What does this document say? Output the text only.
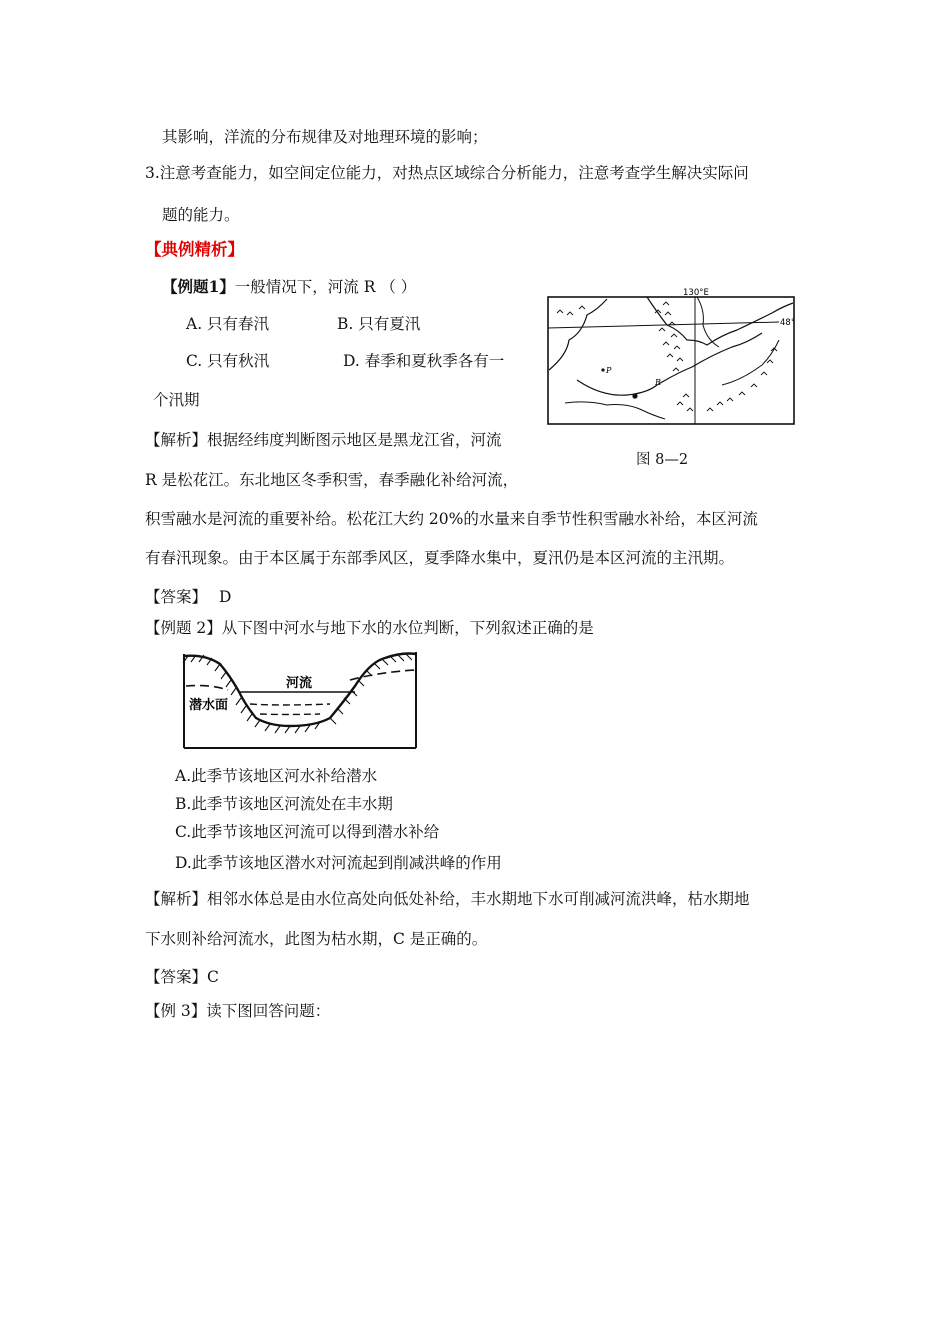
其影响，洋流的分布规律及对地理环境的影响；
3.注意考查能力，如空间定位能力，对热点区域综合分析能力，注意考查学生解决实际问
题的能力。
【典例精析】
【例题1】一般情况下，河流 R （ ）
A. 只有春汛	B. 只有夏汛
C. 只有秋汛	D. 春季和夏秋季各有一
个汛期
130°E
48°
P
R
图 8—2
【解析】根据经纬度判断图示地区是黑龙江省，河流
R 是松花江。东北地区冬季积雪，春季融化补给河流，
积雪融水是河流的重要补给。松花江大约 20%的水量来自季节性积雪融水补给，本区河流
有春汛现象。由于本区属于东部季风区，夏季降水集中，夏汛仍是本区河流的主汛期。
【答案】 D
【例题 2】从下图中河水与地下水的水位判断，下列叙述正确的是
河流
潜水面
A.此季节该地区河水补给潜水
B.此季节该地区河流处在丰水期
C.此季节该地区河流可以得到潜水补给
D.此季节该地区潜水对河流起到削减洪峰的作用
【解析】相邻水体总是由水位高处向低处补给，丰水期地下水可削减河流洪峰，枯水期地
下水则补给河流水，此图为枯水期，C 是正确的。
【答案】C
【例 3】读下图回答问题：
